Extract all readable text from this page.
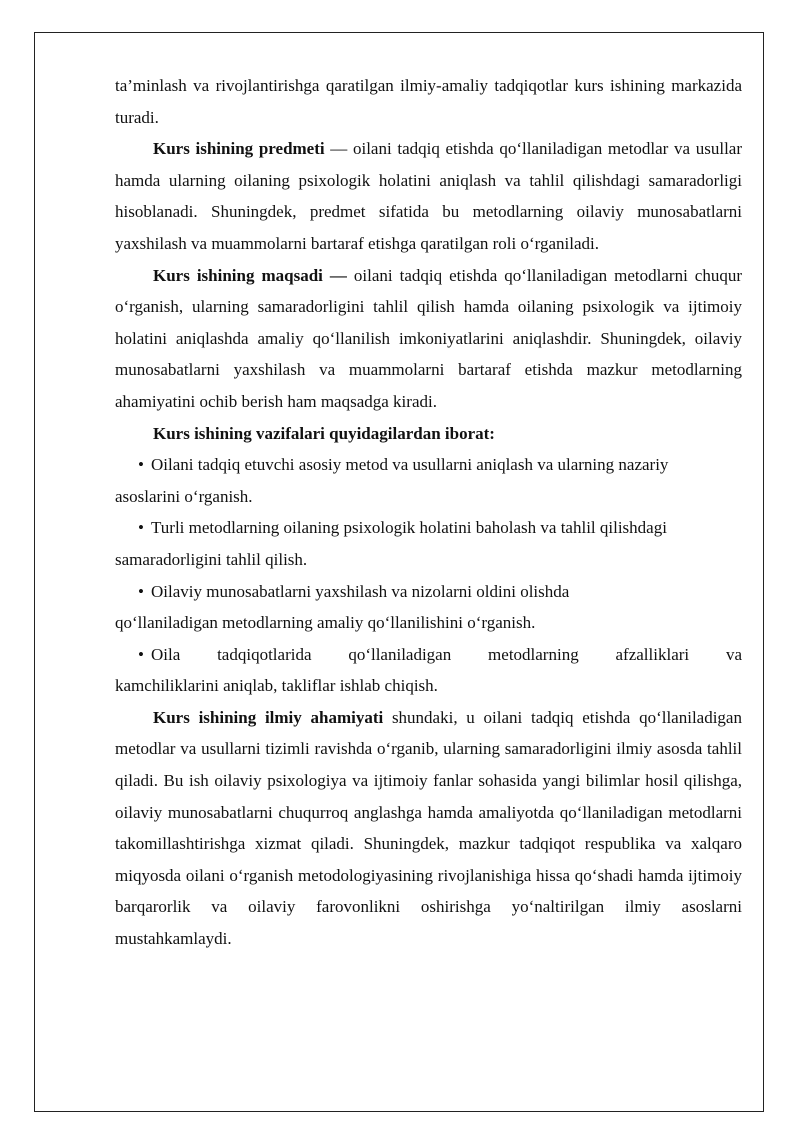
ta’minlash va rivojlantirishga qaratilgan ilmiy-amaliy tadqiqotlar kurs ishining markazida turadi.

Kurs ishining predmeti — oilani tadqiq etishda qo‘llaniladigan metodlar va usullar hamda ularning oilaning psixologik holatini aniqlash va tahlil qilishdagi samaradorligi hisoblanadi. Shuningdek, predmet sifatida bu metodlarning oilaviy munosabatlarni yaxshilash va muammolarni bartaraf etishga qaratilgan roli o‘rganiladi.

Kurs ishining maqsadi — oilani tadqiq etishda qo‘llaniladigan metodlarni chuqur o‘rganish, ularning samaradorligini tahlil qilish hamda oilaning psixologik va ijtimoiy holatini aniqlashda amaliy qo‘llanilish imkoniyatlarini aniqlashdir. Shuningdek, oilaviy munosabatlarni yaxshilash va muammolarni bartaraf etishda mazkur metodlarning ahamiyatini ochib berish ham maqsadga kiradi.

Kurs ishining vazifalari quyidagilardan iborat:

• Oilani tadqiq etuvchi asosiy metod va usullarni aniqlash va ularning nazariy
asoslarini o‘rganish.
• Turli metodlarning oilaning psixologik holatini baholash va tahlil qilishdagi
samaradorligini tahlil qilish.
• Oilaviy munosabatlarni yaxshilash va nizolarni oldini olishda
qo‘llaniladigan metodlarning amaliy qo‘llanilishini o‘rganish.
• Oila tadqiqotlarida qo‘llaniladigan metodlarning afzalliklari va
kamchiliklarini aniqlab, takliflar ishlab chiqish.

Kurs ishining ilmiy ahamiyati shundaki, u oilani tadqiq etishda qo‘llaniladigan metodlar va usullarni tizimli ravishda o‘rganib, ularning samaradorligini ilmiy asosda tahlil qiladi. Bu ish oilaviy psixologiya va ijtimoiy fanlar sohasida yangi bilimlar hosil qilishga, oilaviy munosabatlarni chuqurroq anglashga hamda amaliyotda qo‘llaniladigan metodlarni takomillashtirishga xizmat qiladi. Shuningdek, mazkur tadqiqot respublika va xalqaro miqyosda oilani o‘rganish metodologiyasining rivojlanishiga hissa qo‘shadi hamda ijtimoiy barqarorlik va oilaviy farovonlikni oshirishga yo‘naltirilgan ilmiy asoslarni mustahkamlaydi.
